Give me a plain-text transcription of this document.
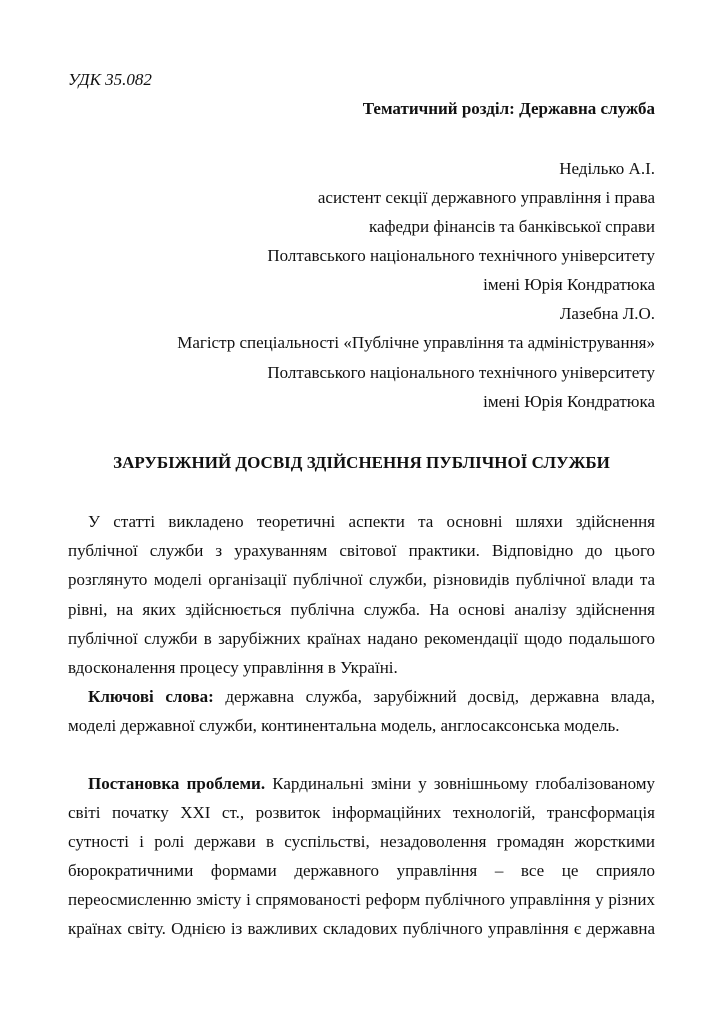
УДК 35.082
Тематичний розділ: Державна служба
Неділько А.І.
асистент секції державного управління і права
кафедри фінансів та банківської справи
Полтавського національного технічного університету
імені Юрія Кондратюка
Лазебна Л.О.
Магістр спеціальності «Публічне управління та адміністрування»
Полтавського національного технічного університету
імені Юрія Кондратюка
ЗАРУБІЖНИЙ ДОСВІД ЗДІЙСНЕННЯ ПУБЛІЧНОЇ СЛУЖБИ
У статті викладено теоретичні аспекти та основні шляхи здійснення
публічної служби з урахуванням світової практики. Відповідно до цього
розглянуто моделі організації публічної служби, різновидів публічної влади та
рівні, на яких здійснюється публічна служба. На основі аналізу здійснення
публічної служби в зарубіжних країнах надано рекомендації щодо подальшого
вдосконалення процесу управління в Україні.
Ключові слова: державна служба, зарубіжний досвід, державна влада,
моделі державної служби, континентальна модель, англосаксонська модель.
Постановка проблеми. Кардинальні зміни у зовнішньому глобалізованому
світі початку XXI ст., розвиток інформаційних технологій, трансформація
сутності і ролі держави в суспільстві, незадоволення громадян жорсткими
бюрократичними формами державного управління – все це сприяло
переосмисленню змісту і спрямованості реформ публічного управління у різних
країнах світу. Однією із важливих складових публічного управління є державна
